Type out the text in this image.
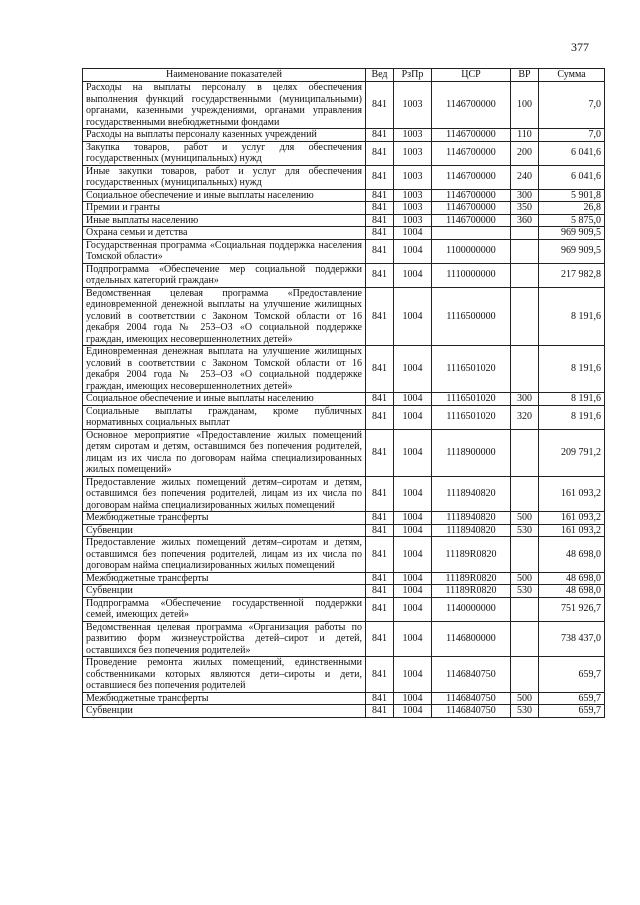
377
Наименование показателей	Вед	РзПр	ЦСР	ВР	Сумма
Расходы на выплаты персоналу в целях обеспечения выполнения функций государственными (муниципальными) органами, казенными учреждениями, органами управления государственными внебюджетными фондами	841	1003	1146700000	100	7,0
Расходы на выплаты персоналу казенных учреждений	841	1003	1146700000	110	7,0
Закупка товаров, работ и услуг для обеспечения государственных (муниципальных) нужд	841	1003	1146700000	200	6 041,6
Иные закупки товаров, работ и услуг для обеспечения государственных (муниципальных) нужд	841	1003	1146700000	240	6 041,6
Социальное обеспечение и иные выплаты населению	841	1003	1146700000	300	5 901,8
Премии и гранты	841	1003	1146700000	350	26,8
Иные выплаты населению	841	1003	1146700000	360	5 875,0
Охрана семьи и детства	841	1004			969 909,5
Государственная программа «Социальная поддержка населения Томской области»	841	1004	1100000000		969 909,5
Подпрограмма «Обеспечение мер социальной поддержки отдельных категорий граждан»	841	1004	1110000000		217 982,8
Ведомственная целевая программа «Предоставление единовременной денежной выплаты на улучшение жилищных условий в соответствии с Законом Томской области от 16 декабря 2004 года № 253–ОЗ «О социальной поддержке граждан, имеющих несовершеннолетних детей»	841	1004	1116500000		8 191,6
Единовременная денежная выплата на улучшение жилищных условий в соответствии с Законом Томской области от 16 декабря 2004 года № 253–ОЗ «О социальной поддержке граждан, имеющих несовершеннолетних детей»	841	1004	1116501020		8 191,6
Социальное обеспечение и иные выплаты населению	841	1004	1116501020	300	8 191,6
Социальные выплаты гражданам, кроме публичных нормативных социальных выплат	841	1004	1116501020	320	8 191,6
Основное мероприятие «Предоставление жилых помещений детям сиротам и детям, оставшимся без попечения родителей, лицам из их числа по договорам найма специализированных жилых помещений»	841	1004	1118900000		209 791,2
Предоставление жилых помещений детям–сиротам и детям, оставшимся без попечения родителей, лицам из их числа по договорам найма специализированных жилых помещений	841	1004	1118940820		161 093,2
Межбюджетные трансферты	841	1004	1118940820	500	161 093,2
Субвенции	841	1004	1118940820	530	161 093,2
Предоставление жилых помещений детям–сиротам и детям, оставшимся без попечения родителей, лицам из их числа по договорам найма специализированных жилых помещений	841	1004	11189R0820		48 698,0
Межбюджетные трансферты	841	1004	11189R0820	500	48 698,0
Субвенции	841	1004	11189R0820	530	48 698,0
Подпрограмма «Обеспечение государственной поддержки семей, имеющих детей»	841	1004	1140000000		751 926,7
Ведомственная целевая программа «Организация работы по развитию форм жизнеустройства детей–сирот и детей, оставшихся без попечения родителей»	841	1004	1146800000		738 437,0
Проведение ремонта жилых помещений, единственными собственниками которых являются дети–сироты и дети, оставшиеся без попечения родителей	841	1004	1146840750		659,7
Межбюджетные трансферты	841	1004	1146840750	500	659,7
Субвенции	841	1004	1146840750	530	659,7
